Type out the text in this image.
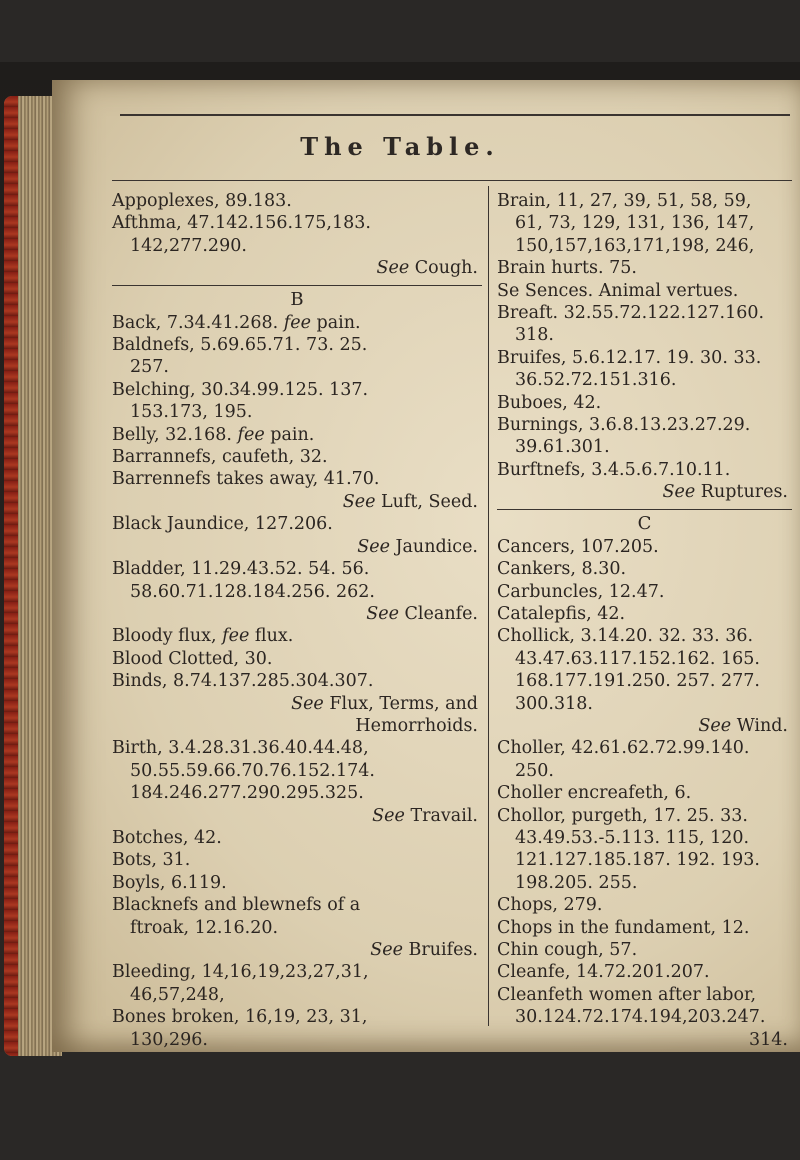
The Table.
Appoplexes, 89.183.
Afthma, 47.142.156.175,183.
142,277.290.
See Cough.
B
Back, 7.34.41.268. fee pain.
Baldnefs, 5.69.65.71. 73. 25.
257.
Belching, 30.34.99.125. 137.
153.173, 195.
Belly, 32.168. fee pain.
Barrannefs, caufeth, 32.
Barrennefs takes away, 41.70.
See Luft, Seed.
Black Jaundice, 127.206.
See Jaundice.
Bladder, 11.29.43.52. 54. 56.
58.60.71.128.184.256. 262.
See Cleanfe.
Bloody flux, fee flux.
Blood Clotted, 30.
Binds, 8.74.137.285.304.307.
See Flux, Terms, and
Hemorrhoids.
Birth, 3.4.28.31.36.40.44.48,
50.55.59.66.70.76.152.174.
184.246.277.290.295.325.
See Travail.
Botches, 42.
Bots, 31.
Boyls, 6.119.
Blacknefs and blewnefs of a
ftroak, 12.16.20.
See Bruifes.
Bleeding, 14,16,19,23,27,31,
46,57,248,
Bones broken, 16,19, 23, 31,
130,296.
Brain, 11, 27, 39, 51, 58, 59,
61, 73, 129, 131, 136, 147,
150,157,163,171,198, 246,
Brain hurts. 75.
Se Sences. Animal vertues.
Breaft. 32.55.72.122.127.160.
318.
Bruifes, 5.6.12.17. 19. 30. 33.
36.52.72.151.316.
Buboes, 42.
Burnings, 3.6.8.13.23.27.29.
39.61.301.
Burftnefs, 3.4.5.6.7.10.11.
See Ruptures.
C
Cancers, 107.205.
Cankers, 8.30.
Carbuncles, 12.47.
Catalepfis, 42.
Chollick, 3.14.20. 32. 33. 36.
43.47.63.117.152.162. 165.
168.177.191.250. 257. 277.
300.318.
See Wind.
Choller, 42.61.62.72.99.140.
250.
Choller encreafeth, 6.
Chollor, purgeth, 17. 25. 33.
43.49.53.-5.113. 115, 120.
121.127.185.187. 192. 193.
198.205. 255.
Chops, 279.
Chops in the fundament, 12.
Chin cough, 57.
Cleanfe, 14.72.201.207.
Cleanfeth women after labor,
30.124.72.174.194,203.247.
314.
